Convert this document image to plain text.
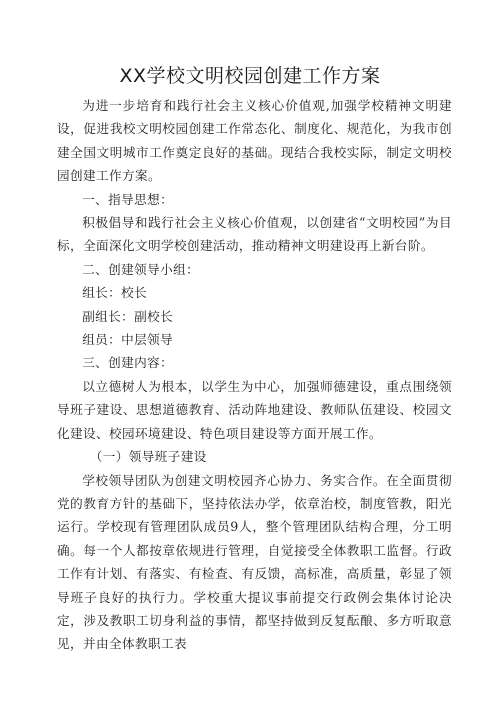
XX学校文明校园创建工作方案

为进一步培育和践行社会主义核心价值观,加强学校精神文明建设，促进我校文明校园创建工作常态化、制度化、规范化，为我市创建全国文明城市工作奠定良好的基础。现结合我校实际，制定文明校园创建工作方案。

一、指导思想：

积极倡导和践行社会主义核心价值观，以创建省“文明校园”为目标，全面深化文明学校创建活动，推动精神文明建设再上新台阶。

二、创建领导小组：

组长：校长

副组长：副校长

组员：中层领导

三、创建内容：

以立德树人为根本，以学生为中心，加强师德建设，重点围绕领导班子建设、思想道德教育、活动阵地建设、教师队伍建设、校园文化建设、校园环境建设、特色项目建设等方面开展工作。

（一）领导班子建设

学校领导团队为创建文明校园齐心协力、务实合作。在全面贯彻党的教育方针的基础下，坚持依法办学，依章治校，制度管教，阳光运行。学校现有管理团队成员9人，整个管理团队结构合理，分工明确。每一个人都按章依规进行管理，自觉接受全体教职工监督。行政工作有计划、有落实、有检查、有反馈，高标准，高质量，彰显了领导班子良好的执行力。学校重大提议事前提交行政例会集体讨论决定，涉及教职工切身利益的事情，都坚持做到反复酝酿、多方听取意见，并由全体教职工表
